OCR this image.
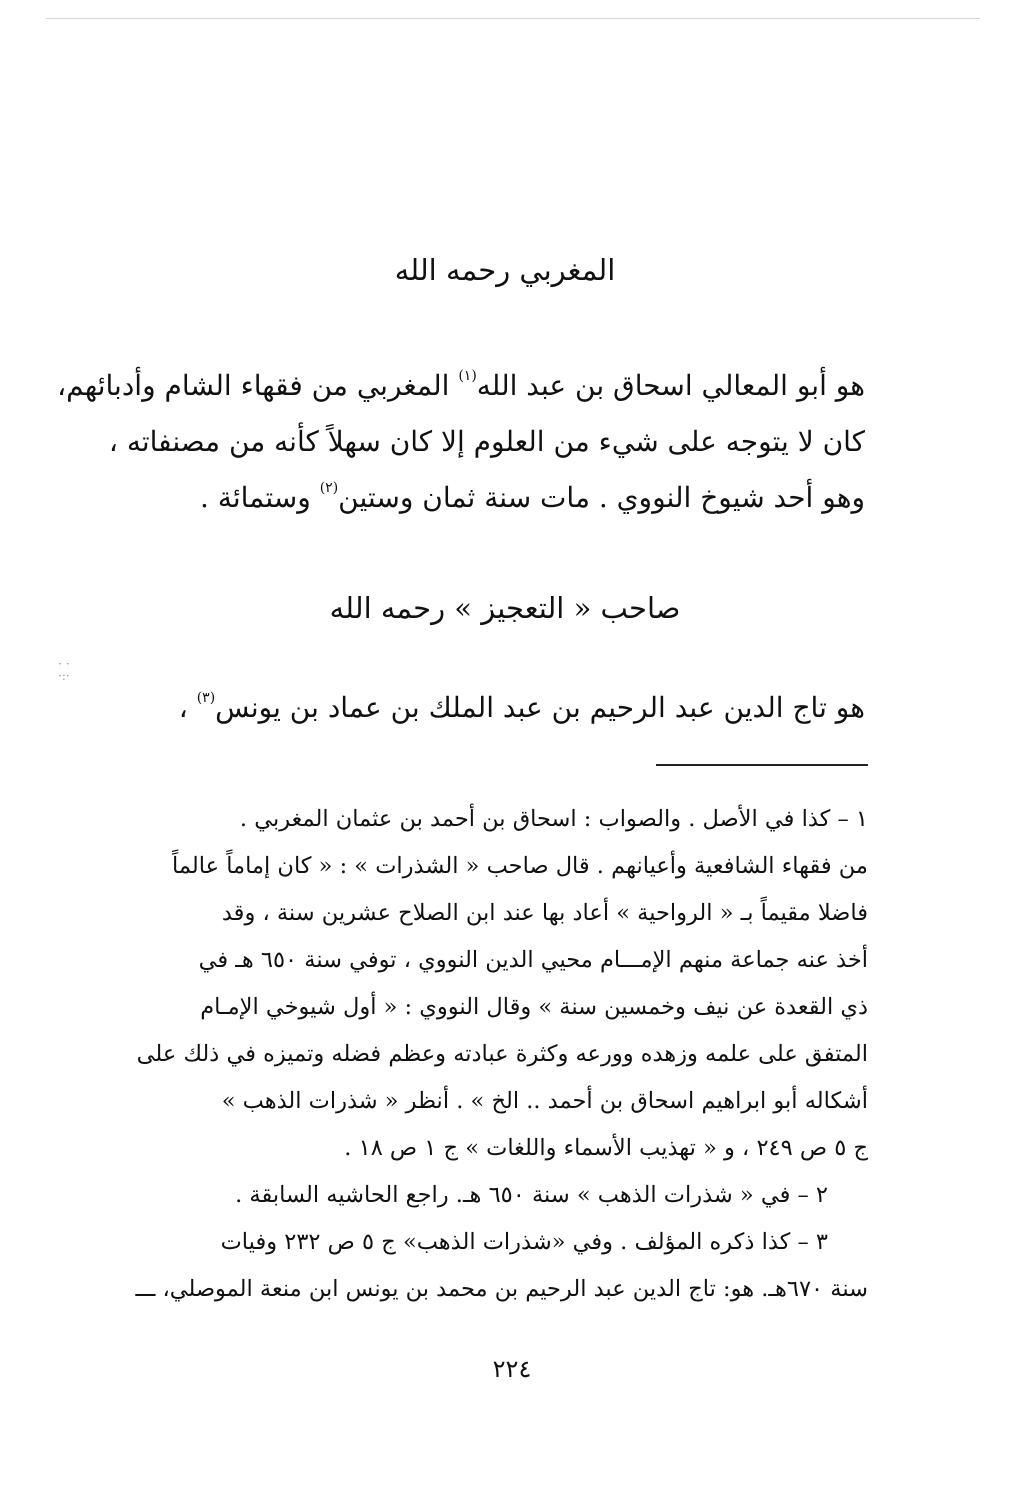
· ·
·:·
المغربي رحمه الله
هو أبو المعالي اسحاق بن عبد الله$^{(١)}$ المغربي من فقهاء الشام وأدبائهم،
كان لا يتوجه على شيء من العلوم إلا كان سهلاً كأنه من مصنفاته ،
وهو أحد شيوخ النووي . مات سنة ثمان وستين$^{(٢)}$ وستمائة .
صاحب « التعجيز » رحمه الله
هو تاج الدين عبد الرحيم بن عبد الملك بن عماد بن يونس$^{(٣)}$ ،
١ – كذا في الأصل . والصواب : اسحاق بن أحمد بن عثمان المغربي .
من فقهاء الشافعية وأعيانهم . قال صاحب « الشذرات » : « كان إماماً عالماً
فاضلا مقيماً بـ « الرواحية » أعاد بها عند ابن الصلاح عشرين سنة ، وقد
أخذ عنه جماعة منهم الإمـــام محيي الدين النووي ، توفي سنة ٦٥٠ هـ في
ذي القعدة عن نيف وخمسين سنة » وقال النووي : « أول شيوخي الإمـام
المتفق على علمه وزهده وورعه وكثرة عبادته وعظم فضله وتميزه في ذلك على
أشكاله أبو ابراهيم اسحاق بن أحمد .. الخ » . أنظر « شذرات الذهب »
ج ٥ ص ٢٤٩ ، و « تهذيب الأسماء واللغات » ج ١ ص ١٨ .
٢ – في « شذرات الذهب » سنة ٦٥٠ هـ. راجع الحاشيه السابقة .
٣ – كذا ذكره المؤلف . وفي «شذرات الذهب» ج ٥ ص ٢٣٢ وفيات
سنة ٦٧٠هـ. هو: تاج الدين عبد الرحيم بن محمد بن يونس ابن منعة الموصلي، ـــ
٢٢٤
